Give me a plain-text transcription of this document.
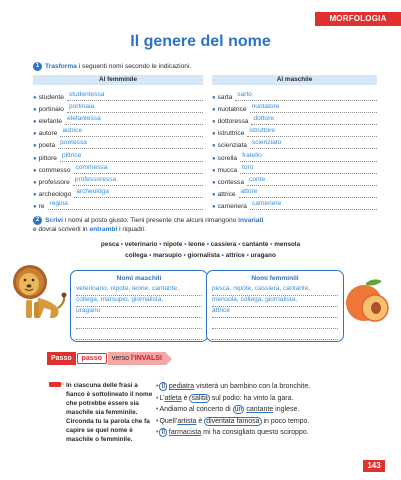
MORFOLOGIA
Il genere del nome
1 Trasforma i seguenti nomi secondo le indicazioni.
Al femminile	Al maschile
● studente studentessa
● portinaio portinaia
● elefante elefantessa
● autore autrice
● poeta poetessa
● pittore pittrice
● commesso commessa
● professore professoressa
● archeologo archeologa
● re regina
● sarta sarto
● nuotatrice nuotatore
● dottoressa dottore
● istruttrice istruttore
● scienziata scienziato
● sorella fratello
● mucca toro
● contessa conte
● attrice attore
● cameriera cameriere
2 Scrivi i nomi al posto giusto. Tieni presente che alcuni rimangono invariati
e dovrai scriverli in entrambi i riquadri.
pesca • veterinario • nipote • leone • cassiera • cantante • mensola
collega • marsupio • giornalista • attrice • uragano
Nomi maschili
veterinario, nipote, leone, cantante,
collega, marsupio, giornalista,
uragano
Nomi femminili
pesca, nipote, cassiera, cantante,
mensola, collega, giornalista,
attrice
Passo	passo	verso l’INVALSI
In ciascuna delle frasi a fianco è sottolineato il nome che potrebbe essere sia maschile sia femminile. Circonda tu la parola che fa capire se quel nome è maschile o femminile.
• Il pediatra visiterà un bambino con la bronchite.
•L’atleta è salita sul podio: ha vinto la gara.
•Andiamo al concerto di un cantante inglese.
•Quell’artista è diventata famosa in poco tempo.
• Il farmacista mi ha consigliato questo sciroppo.
143
